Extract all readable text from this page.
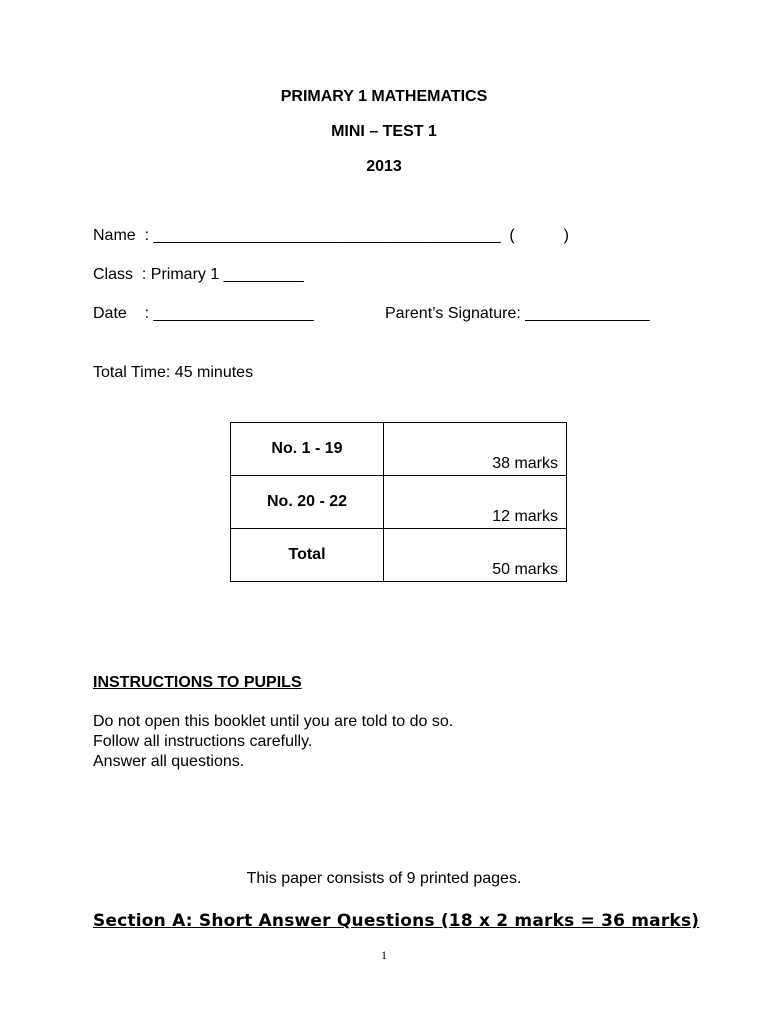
PRIMARY 1 MATHEMATICS
MINI – TEST 1
2013
Name  : _______________________________________  (           )
Class  : Primary 1 _________
Date    : __________________	Parent’s Signature: ______________
Total Time: 45 minutes
No. 1 - 19	38 marks
No. 20 - 22	12 marks
Total	50 marks
INSTRUCTIONS TO PUPILS
Do not open this booklet until you are told to do so.
Follow all instructions carefully.
Answer all questions.
This paper consists of 9 printed pages.
Section A: Short Answer Questions (18 x 2 marks = 36 marks)
1
